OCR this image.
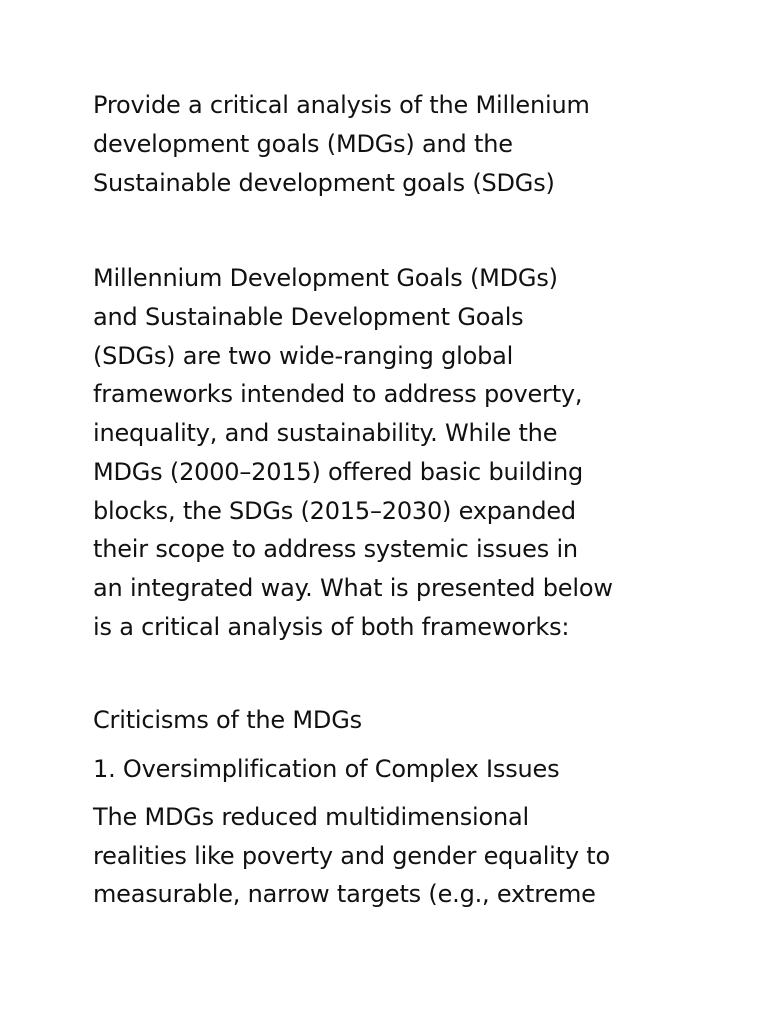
Provide a critical analysis of the Millenium
development goals (MDGs) and the
Sustainable development goals (SDGs)

Millennium Development Goals (MDGs)
and Sustainable Development Goals
(SDGs) are two wide-ranging global
frameworks intended to address poverty,
inequality, and sustainability. While the
MDGs (2000–2015) offered basic building
blocks, the SDGs (2015–2030) expanded
their scope to address systemic issues in
an integrated way. What is presented below
is a critical analysis of both frameworks:

Criticisms of the MDGs
1. Oversimplification of Complex Issues

The MDGs reduced multidimensional
realities like poverty and gender equality to
measurable, narrow targets (e.g., extreme
